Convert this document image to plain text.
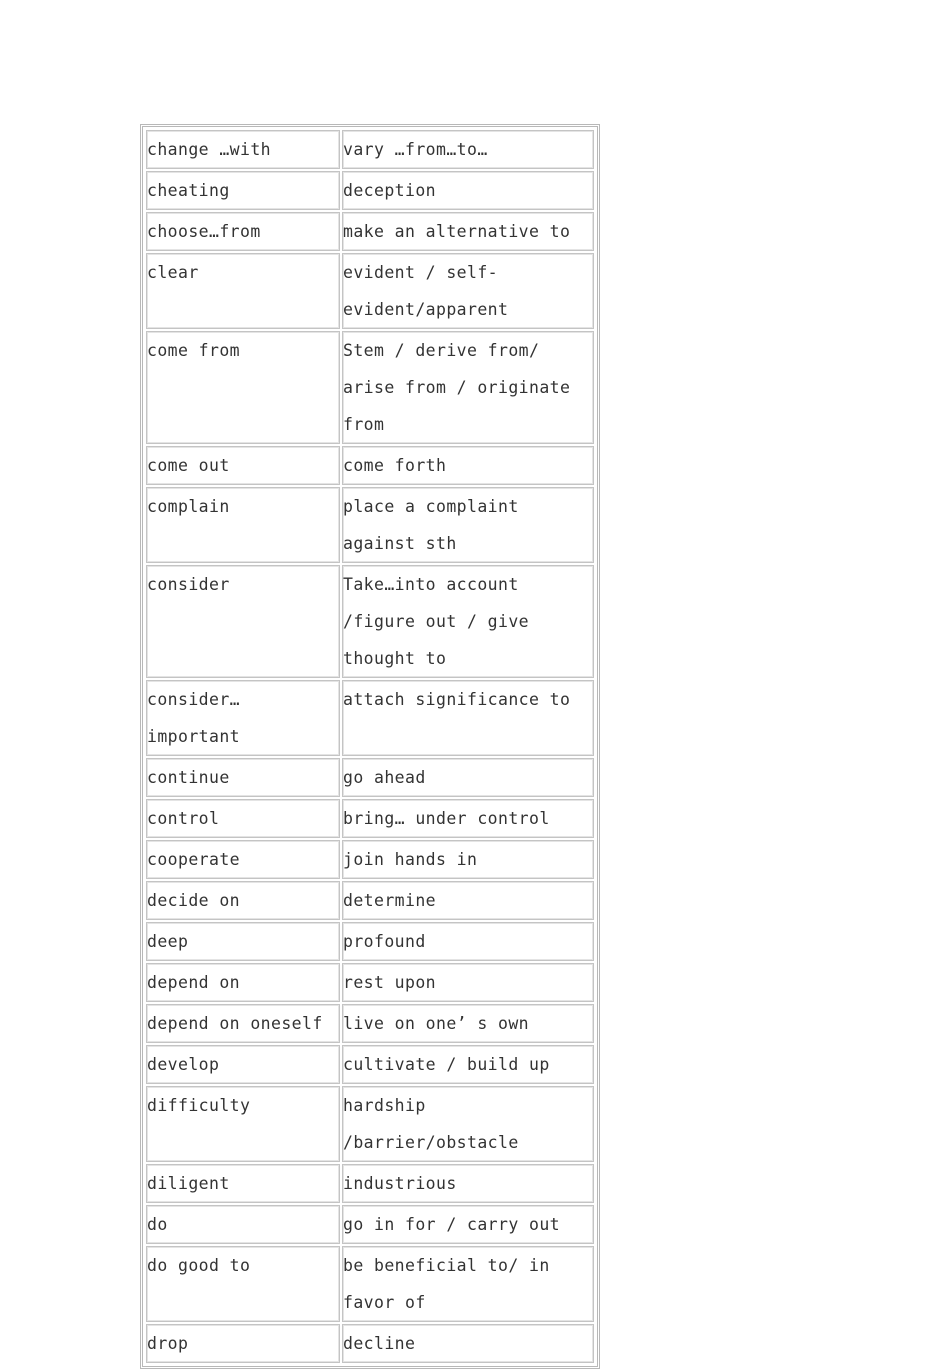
change …with	vary …from…to…
cheating	deception
choose…from	make an alternative to
clear	evident / self-evident/apparent
come from	Stem / derive from/ arise from / originate from
come out	come forth
complain	place a complaint against sth
consider	Take…into account /figure out / give thought to
consider… important	attach significance to
continue	go ahead
control	bring… under control
cooperate	join hands in
decide on	determine
deep	profound
depend on	rest upon
depend on oneself	live on one’ s own
develop	cultivate / build up
difficulty	hardship /barrier/obstacle
diligent	industrious
do	go in for / carry out
do good to	be beneficial to/ in favor of
drop	decline
